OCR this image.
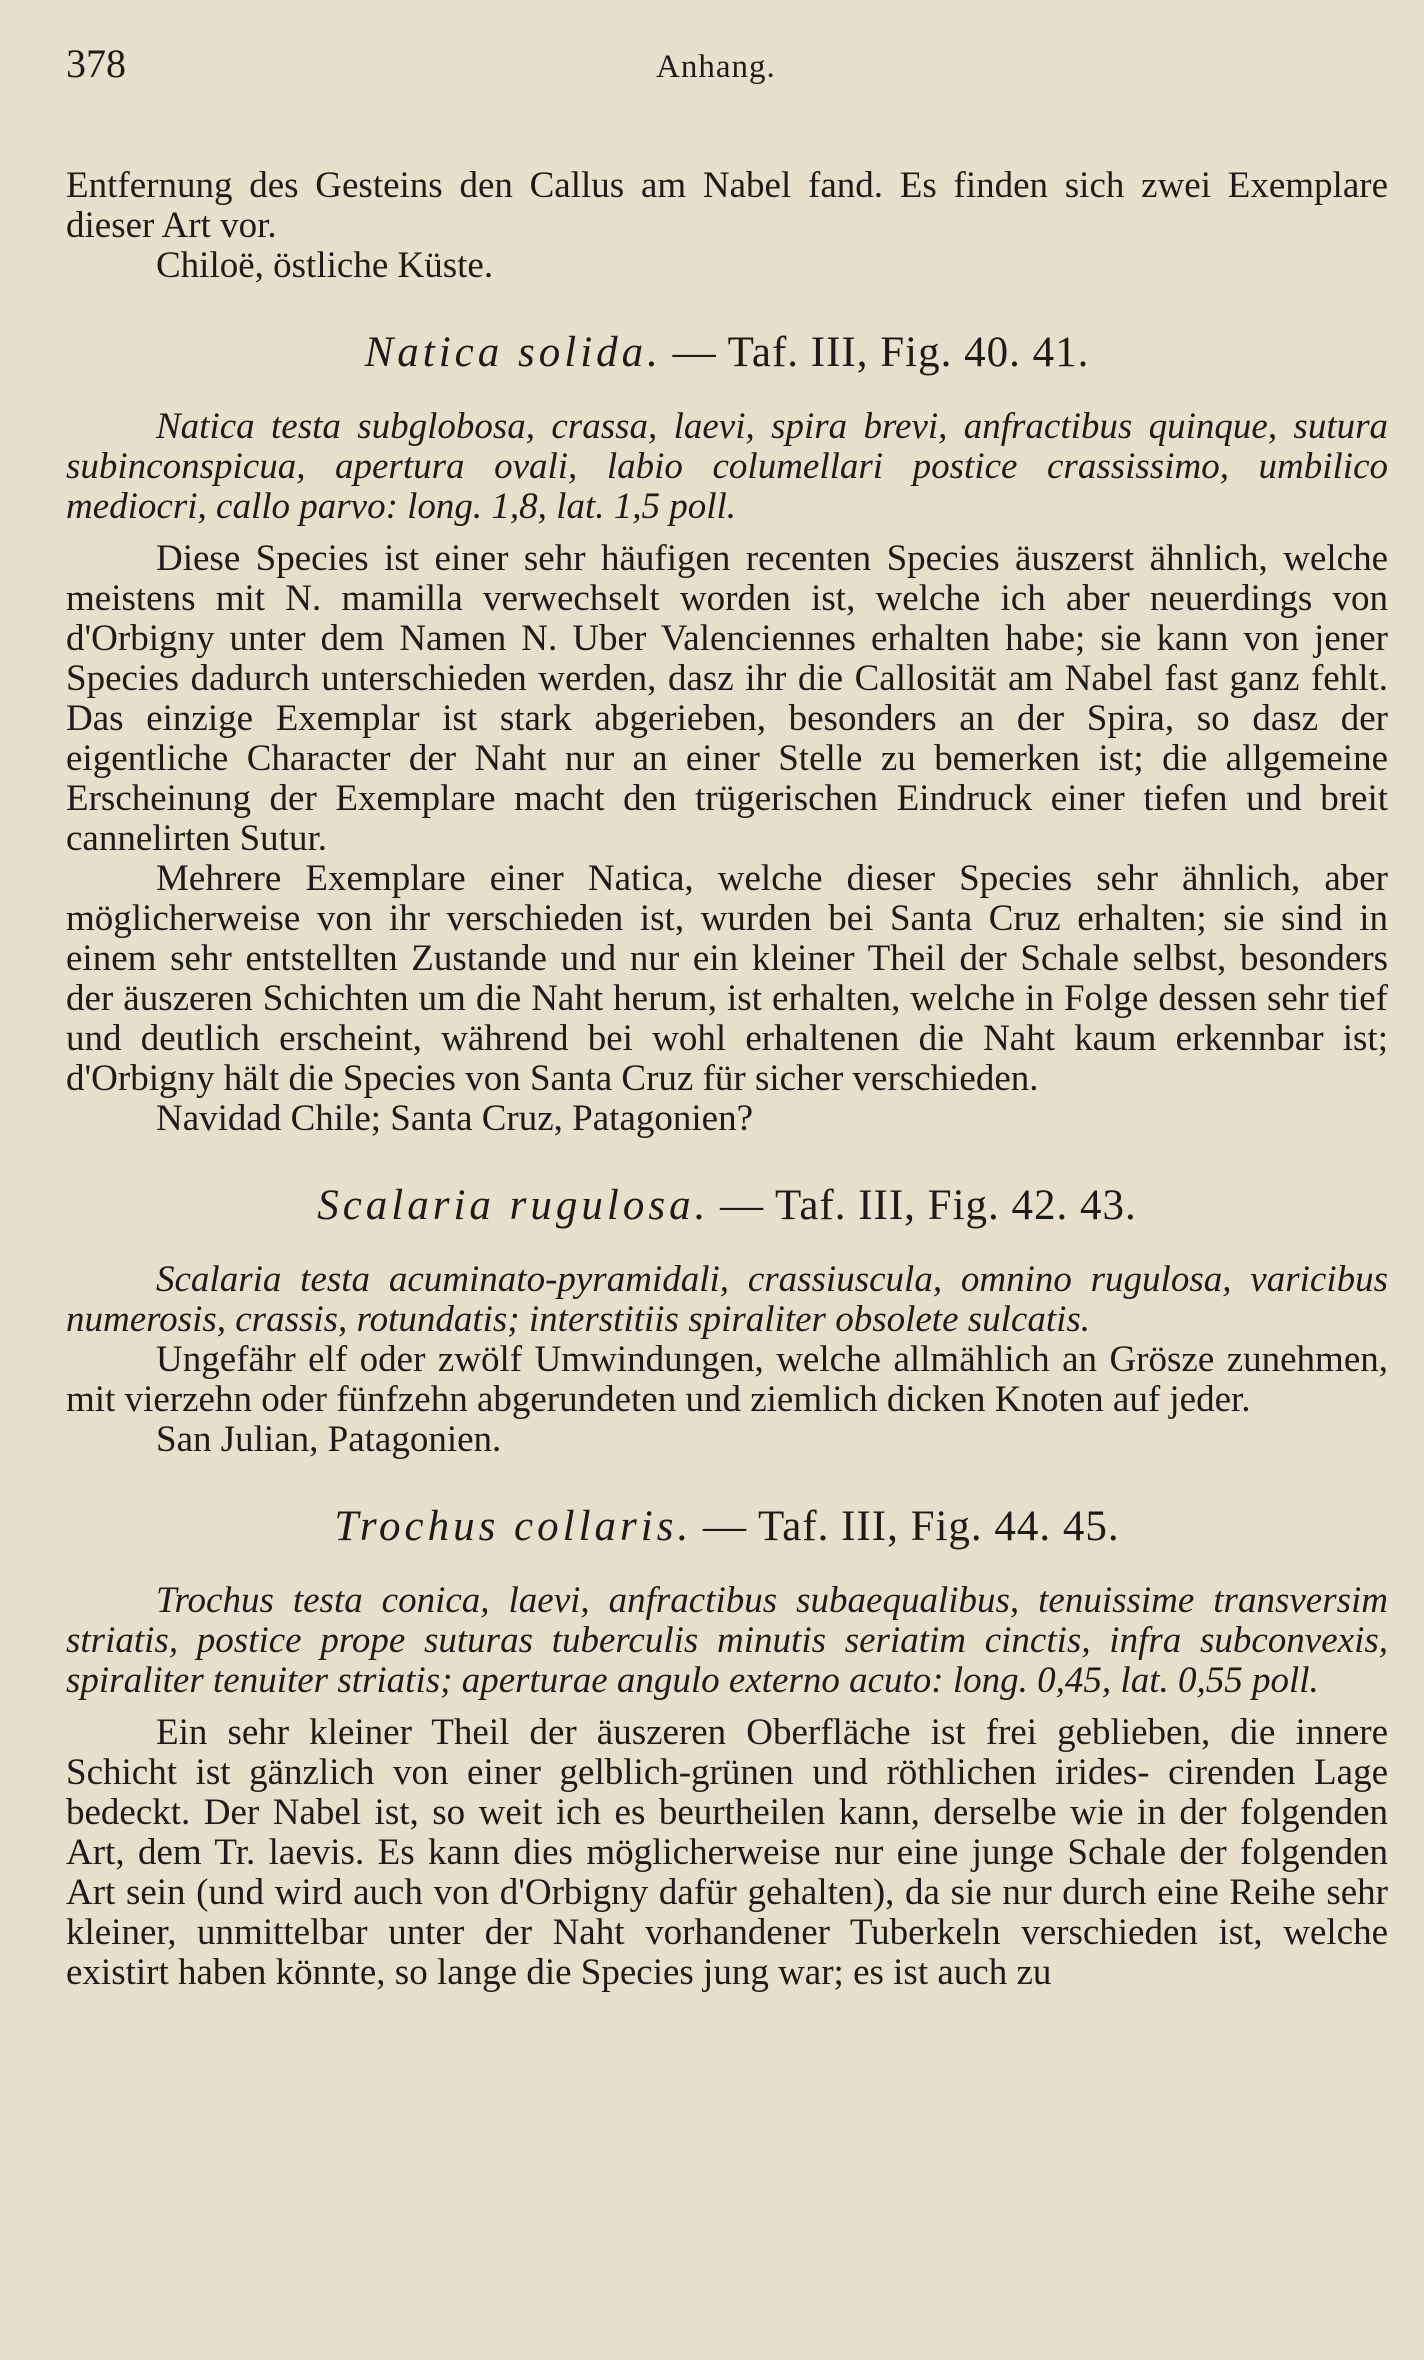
378	Anhang.

Entfernung des Gesteins den Callus am Nabel fand. Es finden sich zwei Exemplare dieser Art vor.

Chiloë, östliche Küste.

Natica solida. — Taf. III, Fig. 40. 41.

Natica testa subglobosa, crassa, laevi, spira brevi, anfractibus quinque, sutura subinconspicua, apertura ovali, labio columellari postice crassissimo, umbilico mediocri, callo parvo: long. 1,8, lat. 1,5 poll.

Diese Species ist einer sehr häufigen recenten Species äuszerst ähnlich, welche meistens mit N. mamilla verwechselt worden ist, welche ich aber neuerdings von d'Orbigny unter dem Namen N. Uber Valenciennes erhalten habe; sie kann von jener Species dadurch unterschieden werden, dasz ihr die Callosität am Nabel fast ganz fehlt. Das einzige Exemplar ist stark abgerieben, besonders an der Spira, so dasz der eigentliche Character der Naht nur an einer Stelle zu bemerken ist; die allgemeine Erscheinung der Exemplare macht den trügerischen Eindruck einer tiefen und breit cannelirten Sutur.

Mehrere Exemplare einer Natica, welche dieser Species sehr ähnlich, aber möglicherweise von ihr verschieden ist, wurden bei Santa Cruz erhalten; sie sind in einem sehr entstellten Zustande und nur ein kleiner Theil der Schale selbst, besonders der äuszeren Schichten um die Naht herum, ist erhalten, welche in Folge dessen sehr tief und deutlich erscheint, während bei wohl erhaltenen die Naht kaum erkennbar ist; d'Orbigny hält die Species von Santa Cruz für sicher verschieden.

Navidad Chile; Santa Cruz, Patagonien?

Scalaria rugulosa. — Taf. III, Fig. 42. 43.

Scalaria testa acuminato-pyramidali, crassiuscula, omnino rugulosa, varicibus numerosis, crassis, rotundatis; interstitiis spiraliter obsolete sulcatis.

Ungefähr elf oder zwölf Umwindungen, welche allmählich an Grösze zunehmen, mit vierzehn oder fünfzehn abgerundeten und ziemlich dicken Knoten auf jeder.

San Julian, Patagonien.

Trochus collaris. — Taf. III, Fig. 44. 45.

Trochus testa conica, laevi, anfractibus subaequalibus, tenuissime transversim striatis, postice prope suturas tuberculis minutis seriatim cinctis, infra subconvexis, spiraliter tenuiter striatis; aperturae angulo externo acuto: long. 0,45, lat. 0,55 poll.

Ein sehr kleiner Theil der äuszeren Oberfläche ist frei geblieben, die innere Schicht ist gänzlich von einer gelblich-grünen und röthlichen irides- cirenden Lage bedeckt. Der Nabel ist, so weit ich es beurtheilen kann, derselbe wie in der folgenden Art, dem Tr. laevis. Es kann dies möglicherweise nur eine junge Schale der folgenden Art sein (und wird auch von d'Orbigny dafür gehalten), da sie nur durch eine Reihe sehr kleiner, unmittelbar unter der Naht vorhandener Tuberkeln verschieden ist, welche existirt haben könnte, so lange die Species jung war; es ist auch zu
